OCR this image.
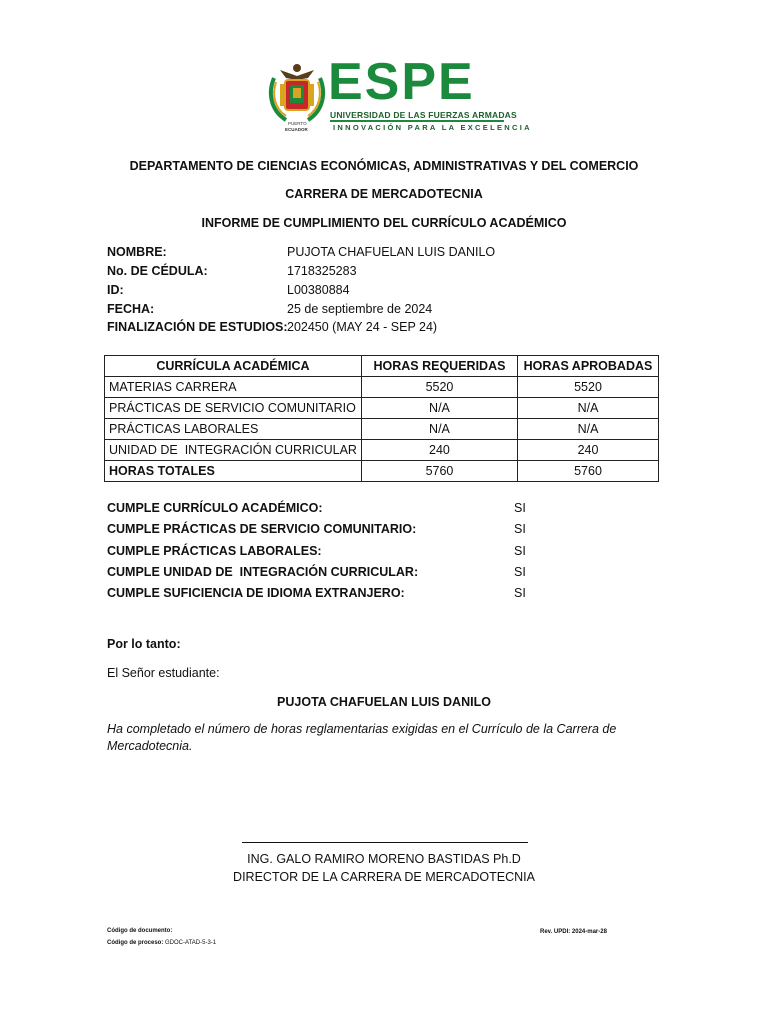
PUERTO
ECUADOR
ESPE
UNIVERSIDAD DE LAS FUERZAS ARMADAS
INNOVACIÓN PARA LA EXCELENCIA
DEPARTAMENTO DE CIENCIAS ECONÓMICAS, ADMINISTRATIVAS Y DEL COMERCIO
CARRERA DE MERCADOTECNIA
INFORME DE CUMPLIMIENTO DEL CURRÍCULO ACADÉMICO
NOMBRE:	PUJOTA CHAFUELAN LUIS DANILO
No. DE CÉDULA:	1718325283
ID:	L00380884
FECHA:	25 de septiembre de 2024
FINALIZACIÓN DE ESTUDIOS: 202450 (MAY 24 - SEP 24)
CURRÍCULA ACADÉMICA	HORAS REQUERIDAS	HORAS APROBADAS
MATERIAS CARRERA	5520	5520
PRÁCTICAS DE SERVICIO COMUNITARIO	N/A	N/A
PRÁCTICAS LABORALES	N/A	N/A
UNIDAD DE  INTEGRACIÓN CURRICULAR	240	240
HORAS TOTALES	5760	5760
CUMPLE CURRÍCULO ACADÉMICO:	SI
CUMPLE PRÁCTICAS DE SERVICIO COMUNITARIO:	SI
CUMPLE PRÁCTICAS LABORALES:	SI
CUMPLE UNIDAD DE  INTEGRACIÓN CURRICULAR:	SI
CUMPLE SUFICIENCIA DE IDIOMA EXTRANJERO:	SI
Por lo tanto:
El Señor estudiante:
PUJOTA CHAFUELAN LUIS DANILO
Ha completado el número de horas reglamentarias exigidas en el Currículo de la Carrera de Mercadotecnia.
ING. GALO RAMIRO MORENO BASTIDAS Ph.D
DIRECTOR DE LA CARRERA DE MERCADOTECNIA
Código de documento:
Código de proceso: GDOC-ATAD-5-3-1
Rev. UPDI: 2024-mar-28
